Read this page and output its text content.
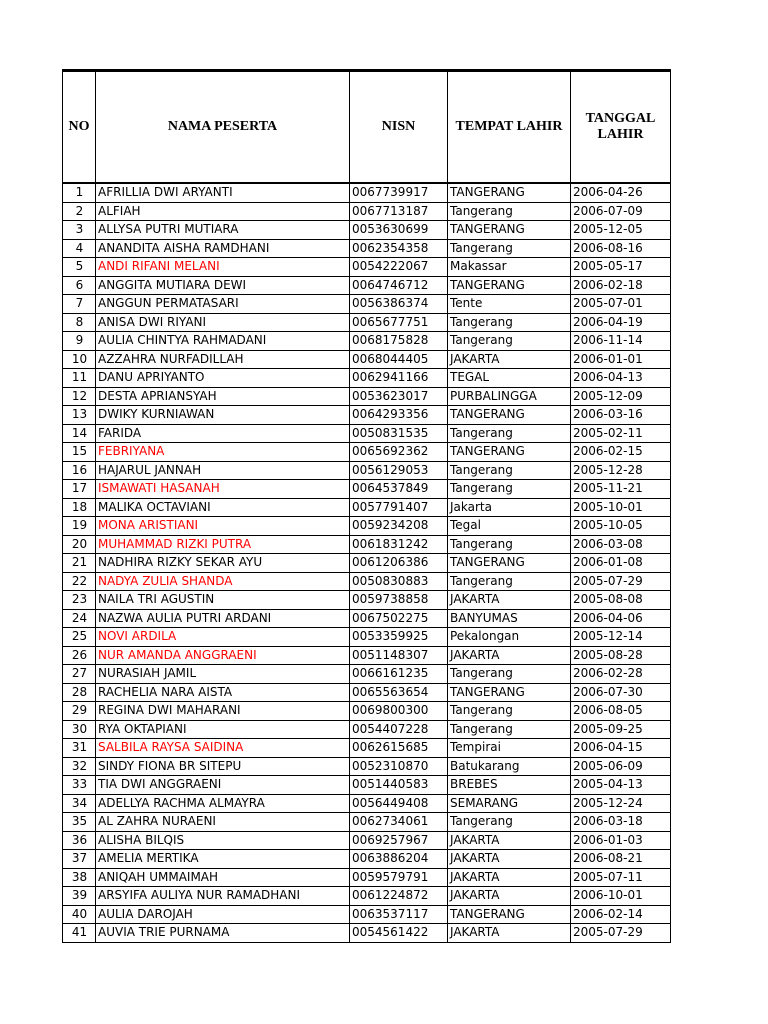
NO	NAMA PESERTA	NISN	TEMPAT LAHIR	TANGGAL LAHIR
1	AFRILLIA DWI ARYANTI	0067739917	TANGERANG	2006-04-26
2	ALFIAH	0067713187	Tangerang	2006-07-09
3	ALLYSA PUTRI MUTIARA	0053630699	TANGERANG	2005-12-05
4	ANANDITA AISHA RAMDHANI	0062354358	Tangerang	2006-08-16
5	ANDI RIFANI MELANI	0054222067	Makassar	2005-05-17
6	ANGGITA MUTIARA DEWI	0064746712	TANGERANG	2006-02-18
7	ANGGUN PERMATASARI	0056386374	Tente	2005-07-01
8	ANISA DWI RIYANI	0065677751	Tangerang	2006-04-19
9	AULIA CHINTYA RAHMADANI	0068175828	Tangerang	2006-11-14
10	AZZAHRA NURFADILLAH	0068044405	JAKARTA	2006-01-01
11	DANU APRIYANTO	0062941166	TEGAL	2006-04-13
12	DESTA APRIANSYAH	0053623017	PURBALINGGA	2005-12-09
13	DWIKY KURNIAWAN	0064293356	TANGERANG	2006-03-16
14	FARIDA	0050831535	Tangerang	2005-02-11
15	FEBRIYANA	0065692362	TANGERANG	2006-02-15
16	HAJARUL JANNAH	0056129053	Tangerang	2005-12-28
17	ISMAWATI HASANAH	0064537849	Tangerang	2005-11-21
18	MALIKA OCTAVIANI	0057791407	Jakarta	2005-10-01
19	MONA ARISTIANI	0059234208	Tegal	2005-10-05
20	MUHAMMAD RIZKI PUTRA	0061831242	Tangerang	2006-03-08
21	NADHIRA RIZKY SEKAR AYU	0061206386	TANGERANG	2006-01-08
22	NADYA ZULIA SHANDA	0050830883	Tangerang	2005-07-29
23	NAILA TRI AGUSTIN	0059738858	JAKARTA	2005-08-08
24	NAZWA AULIA PUTRI ARDANI	0067502275	BANYUMAS	2006-04-06
25	NOVI ARDILA	0053359925	Pekalongan	2005-12-14
26	NUR AMANDA ANGGRAENI	0051148307	JAKARTA	2005-08-28
27	NURASIAH JAMIL	0066161235	Tangerang	2006-02-28
28	RACHELIA NARA AISTA	0065563654	TANGERANG	2006-07-30
29	REGINA DWI MAHARANI	0069800300	Tangerang	2006-08-05
30	RYA OKTAPIANI	0054407228	Tangerang	2005-09-25
31	SALBILA RAYSA SAIDINA	0062615685	Tempirai	2006-04-15
32	SINDY FIONA BR SITEPU	0052310870	Batukarang	2005-06-09
33	TIA DWI ANGGRAENI	0051440583	BREBES	2005-04-13
34	ADELLYA RACHMA ALMAYRA	0056449408	SEMARANG	2005-12-24
35	AL ZAHRA NURAENI	0062734061	Tangerang	2006-03-18
36	ALISHA BILQIS	0069257967	JAKARTA	2006-01-03
37	AMELIA MERTIKA	0063886204	JAKARTA	2006-08-21
38	ANIQAH UMMAIMAH	0059579791	JAKARTA	2005-07-11
39	ARSYIFA AULIYA NUR RAMADHANI	0061224872	JAKARTA	2006-10-01
40	AULIA DAROJAH	0063537117	TANGERANG	2006-02-14
41	AUVIA TRIE PURNAMA	0054561422	JAKARTA	2005-07-29
